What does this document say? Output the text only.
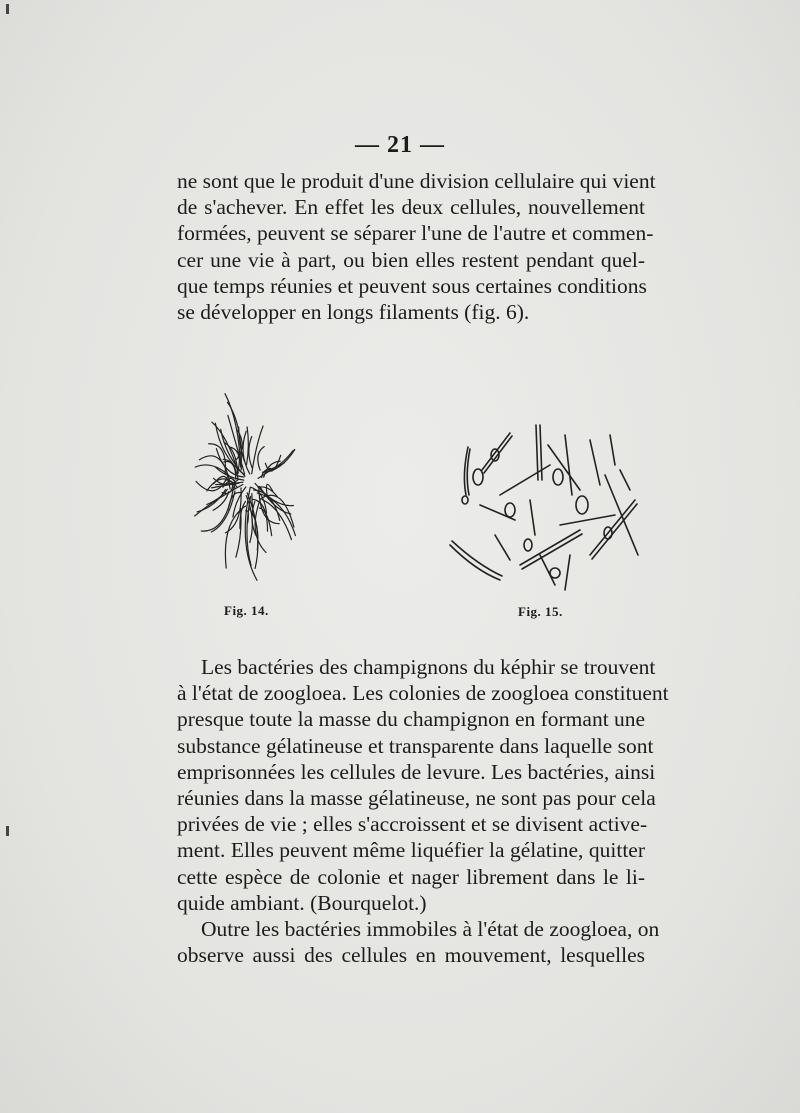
— 21 —
ne sont que le produit d'une division cellulaire qui vient
de s'achever. En effet les deux cellules, nouvellement
formées, peuvent se séparer l'une de l'autre et commen-
cer une vie à part, ou bien elles restent pendant quel-
que temps réunies et peuvent sous certaines conditions
se développer en longs filaments (fig. 6).
Fig. 14.	Fig. 15.
Les bactéries des champignons du képhir se trouvent
à l'état de zoogloea. Les colonies de zoogloea constituent
presque toute la masse du champignon en formant une
substance gélatineuse et transparente dans laquelle sont
emprisonnées les cellules de levure. Les bactéries, ainsi
réunies dans la masse gélatineuse, ne sont pas pour cela
privées de vie ; elles s'accroissent et se divisent active-
ment. Elles peuvent même liquéfier la gélatine, quitter
cette espèce de colonie et nager librement dans le li-
quide ambiant. (Bourquelot.)
Outre les bactéries immobiles à l'état de zoogloea, on
observe aussi des cellules en mouvement, lesquelles
